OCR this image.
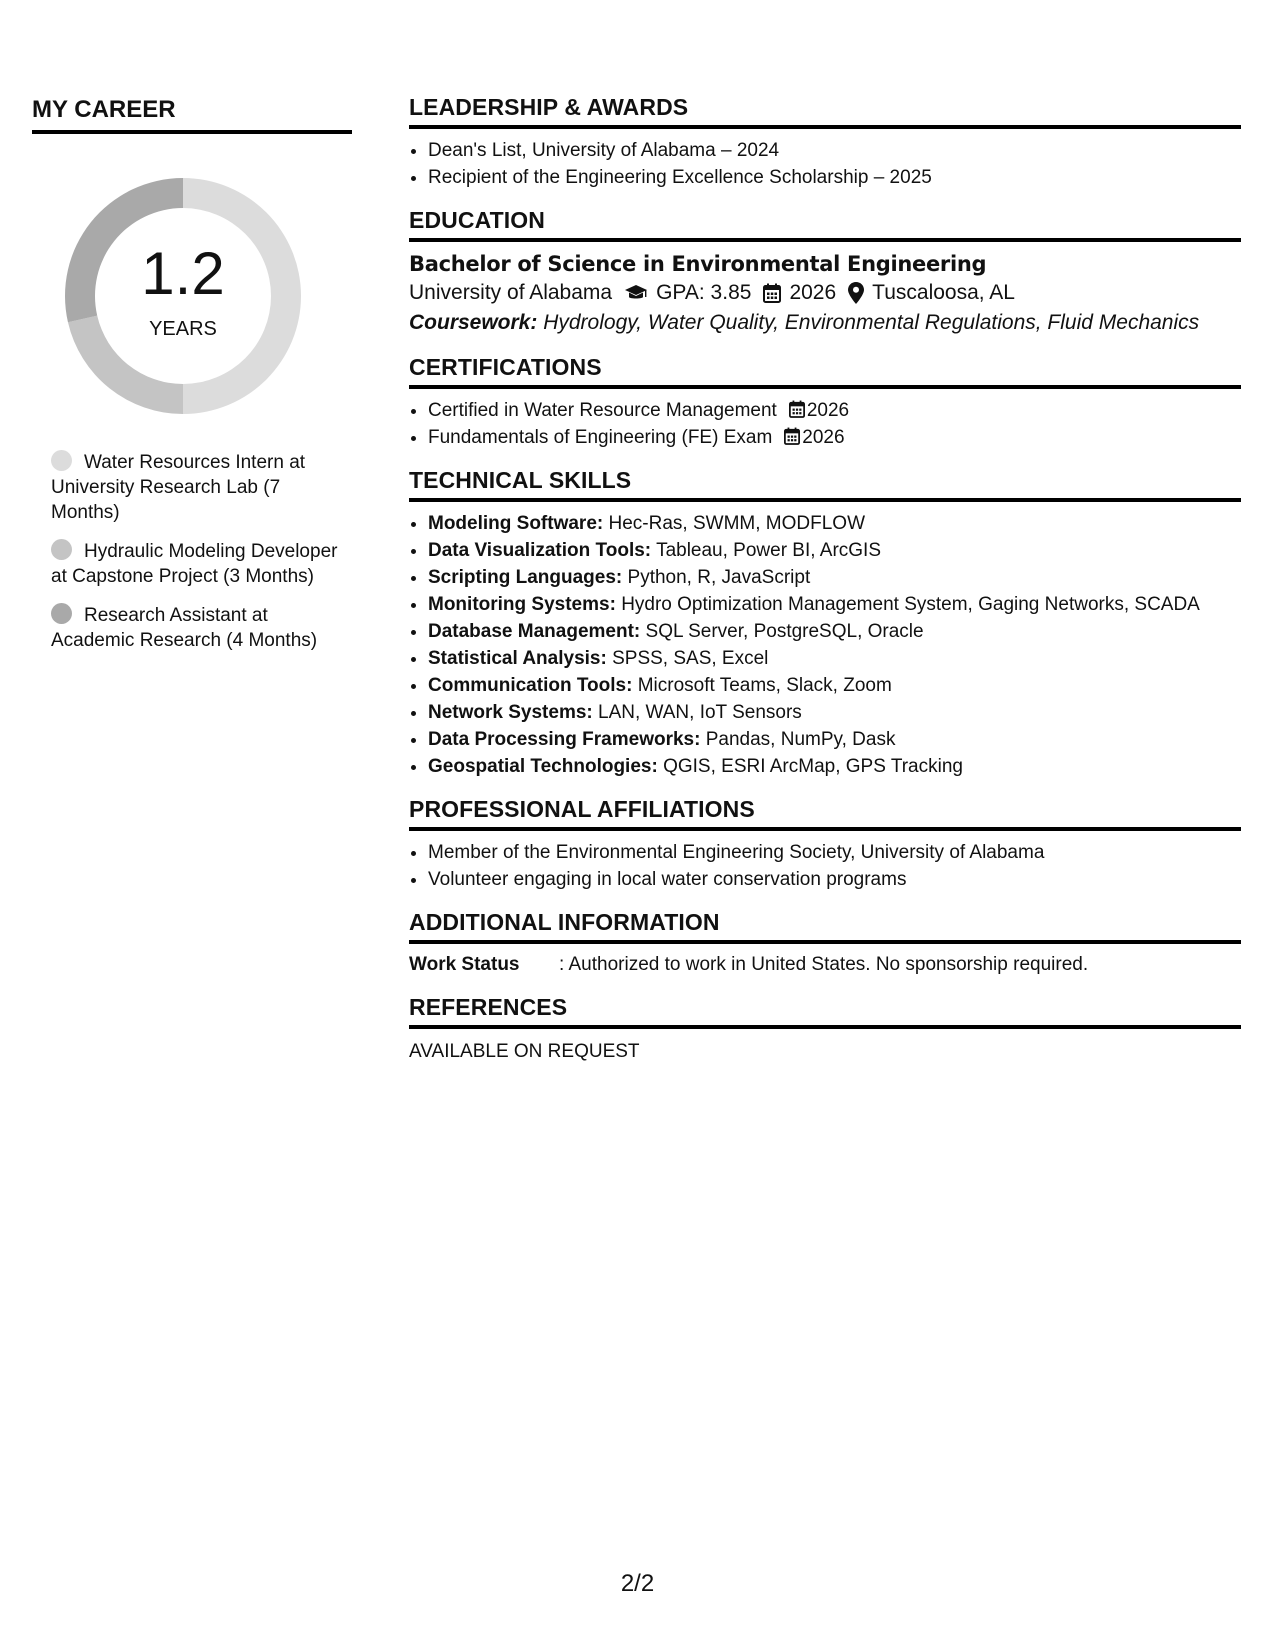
MY CAREER
1.2
YEARS
Water Resources Intern at University Research Lab (7 Months)
Hydraulic Modeling Developer at Capstone Project (3 Months)
Research Assistant at Academic Research (4 Months)
LEADERSHIP & AWARDS
• Dean's List, University of Alabama – 2024
• Recipient of the Engineering Excellence Scholarship – 2025
EDUCATION
Bachelor of Science in Environmental Engineering
University of Alabama GPA: 3.85 2026 Tuscaloosa, AL
Coursework: Hydrology, Water Quality, Environmental Regulations, Fluid Mechanics
CERTIFICATIONS
• Certified in Water Resource Management 2026
• Fundamentals of Engineering (FE) Exam 2026
TECHNICAL SKILLS
• Modeling Software: Hec-Ras, SWMM, MODFLOW
• Data Visualization Tools: Tableau, Power BI, ArcGIS
• Scripting Languages: Python, R, JavaScript
• Monitoring Systems: Hydro Optimization Management System, Gaging Networks, SCADA
• Database Management: SQL Server, PostgreSQL, Oracle
• Statistical Analysis: SPSS, SAS, Excel
• Communication Tools: Microsoft Teams, Slack, Zoom
• Network Systems: LAN, WAN, IoT Sensors
• Data Processing Frameworks: Pandas, NumPy, Dask
• Geospatial Technologies: QGIS, ESRI ArcMap, GPS Tracking
PROFESSIONAL AFFILIATIONS
• Member of the Environmental Engineering Society, University of Alabama
• Volunteer engaging in local water conservation programs
ADDITIONAL INFORMATION
Work Status	: Authorized to work in United States. No sponsorship required.
REFERENCES
AVAILABLE ON REQUEST
2/2
